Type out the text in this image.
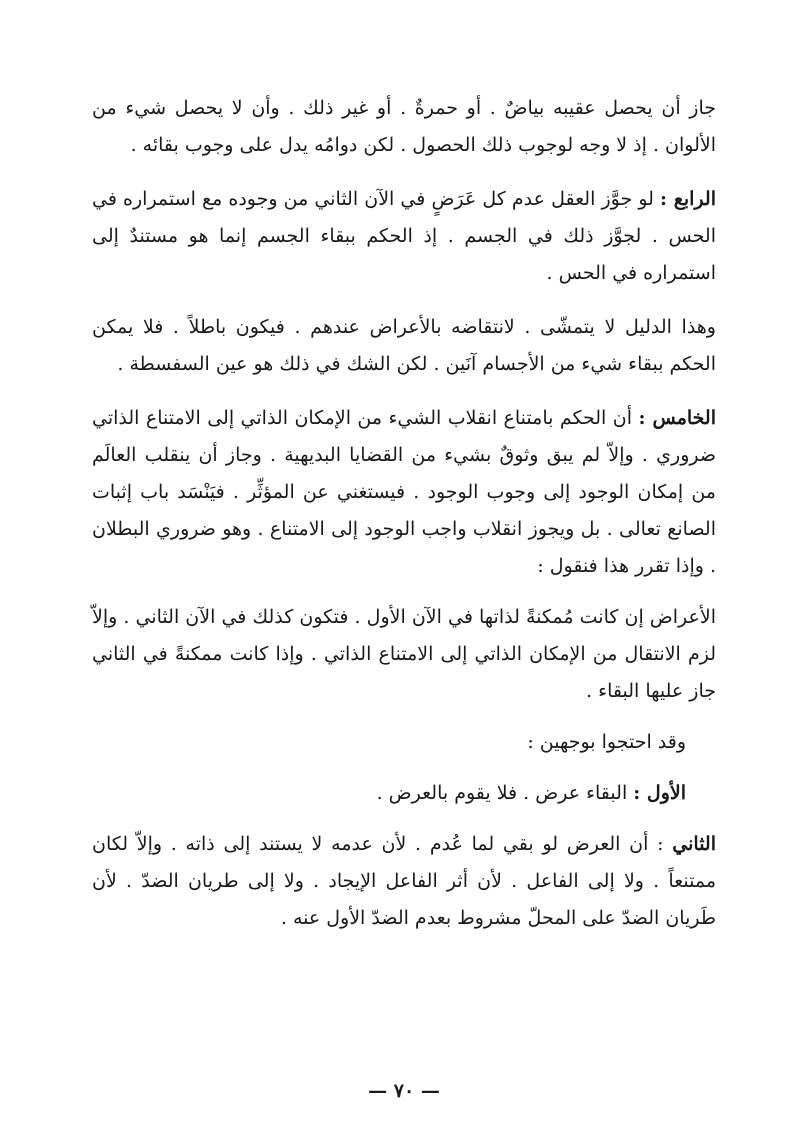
جاز أن يحصل عقيبه بياضٌ . أو حمرةٌ . أو غير ذلك . وأن لا يحصل شيء من الألوان . إذ لا وجه لوجوب ذلك الحصول . لكن دوامُه يدل على وجوب بقائه .

الرابع : لو جوَّز العقل عدم كل عَرَضٍ في الآن الثاني من وجوده مع استمراره في الحس . لجوَّز ذلك في الجسم . إذ الحكم ببقاء الجسم إنما هو مستندٌ إلى استمراره في الحس .

وهذا الدليل لا يتمشّى . لانتقاضه بالأعراض عندهم . فيكون باطلاً . فلا يمكن الحكم ببقاء شيء من الأجسام آنَين . لكن الشك في ذلك هو عين السفسطة .

الخامس : أن الحكم بامتناع انقلاب الشيء من الإمكان الذاتي إلى الامتناع الذاتي ضروري . وإلاّ لم يبق وثوقٌ بشيء من القضايا البديهية . وجاز أن ينقلب العالَم من إمكان الوجود إلى وجوب الوجود . فيستغني عن المؤثِّر . فيَنْسَد باب إثبات الصانع تعالى . بل ويجوز انقلاب واجب الوجود إلى الامتناع . وهو ضروري البطلان . وإذا تقرر هذا فنقول :

الأعراض إن كانت مُمكنةً لذاتها في الآن الأول . فتكون كذلك في الآن الثاني . وإلاّ لزم الانتقال من الإمكان الذاتي إلى الامتناع الذاتي . وإذا كانت ممكنةً في الثاني جاز عليها البقاء .

وقد احتجوا بوجهين :

الأول : البقاء عرض . فلا يقوم بالعرض .

الثاني : أن العرض لو بقي لما عُدم . لأن عدمه لا يستند إلى ذاته . وإلاّ لكان ممتنعاً . ولا إلى الفاعل . لأن أثر الفاعل الإيجاد . ولا إلى طريان الضدّ . لأن طَريان الضدّ على المحلّ مشروط بعدم الضدّ الأول عنه .

— ٧٠ —
